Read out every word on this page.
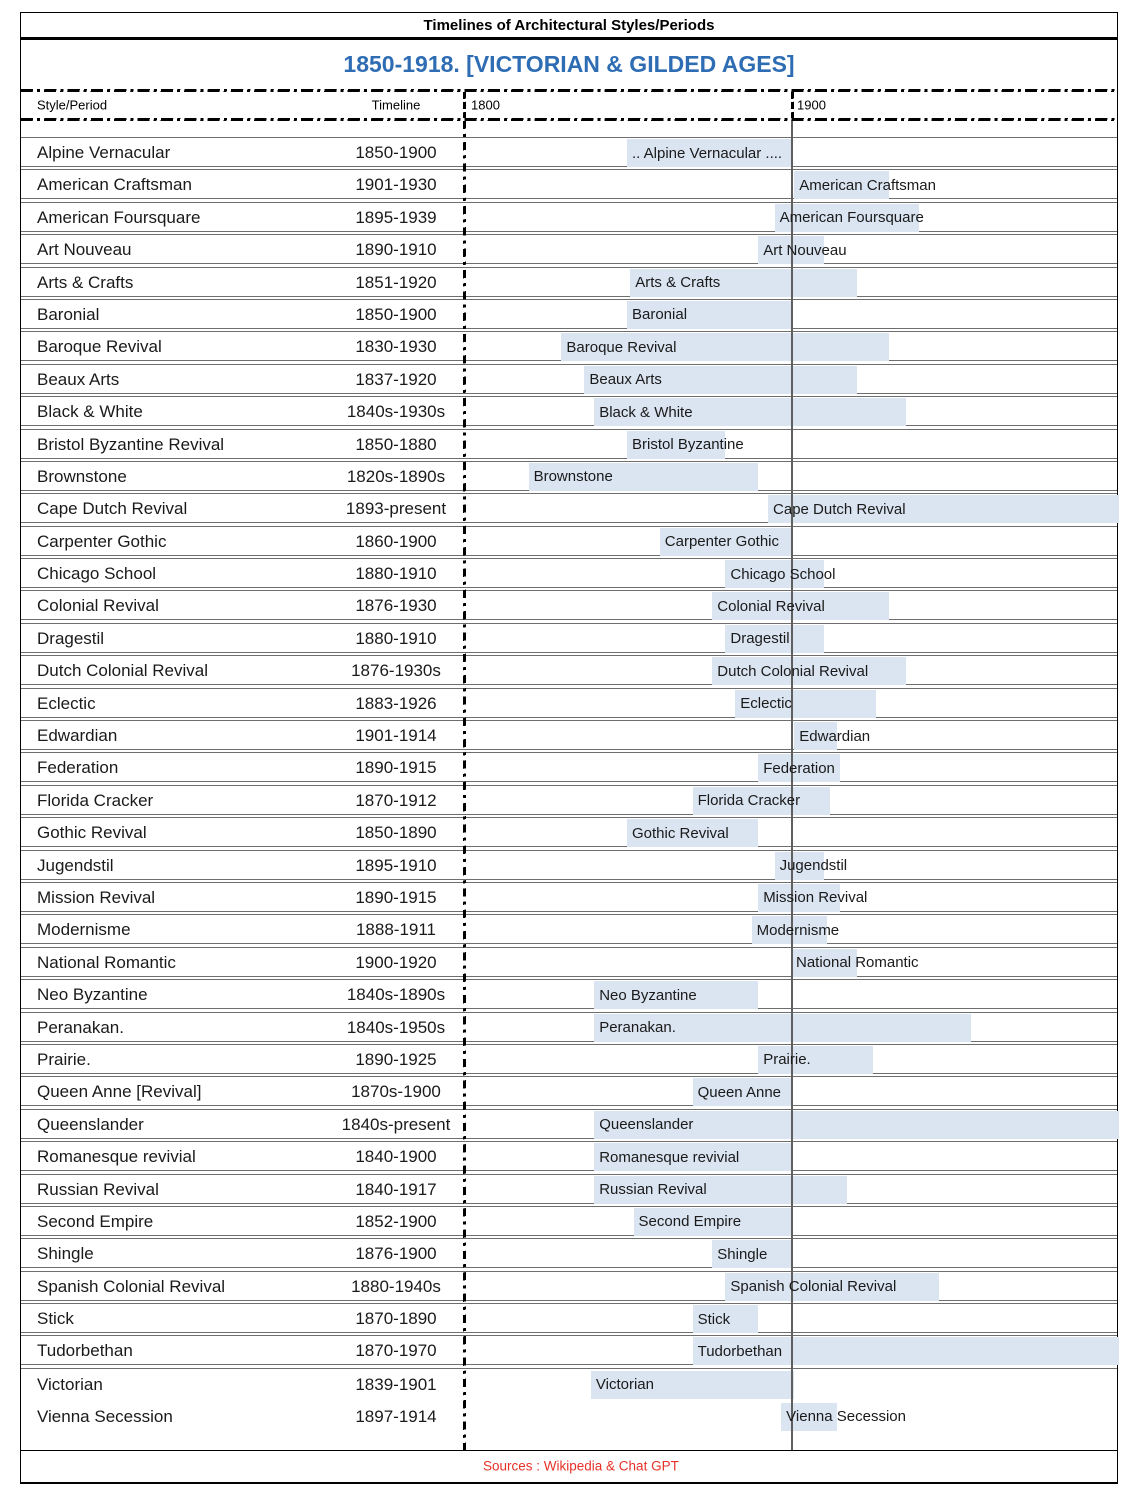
Timelines of Architectural Styles/Periods
1850-1918. [VICTORIAN & GILDED AGES]
Style/Period	Timeline	1800	1900
Alpine Vernacular	1850-1900	.. Alpine Vernacular ....
American Craftsman	1901-1930	American Craftsman
American Foursquare	1895-1939	American Foursquare
Art Nouveau	1890-1910	Art Nouveau
Arts & Crafts	1851-1920	Arts & Crafts
Baronial	1850-1900	Baronial
Baroque Revival	1830-1930	Baroque Revival
Beaux Arts	1837-1920	Beaux Arts
Black & White	1840s-1930s	Black & White
Bristol Byzantine Revival	1850-1880	Bristol Byzantine
Brownstone	1820s-1890s	Brownstone
Cape Dutch Revival	1893-present	Cape Dutch Revival
Carpenter Gothic	1860-1900	Carpenter Gothic
Chicago School	1880-1910	Chicago School
Colonial Revival	1876-1930	Colonial Revival
Dragestil	1880-1910	Dragestil
Dutch Colonial Revival	1876-1930s	Dutch Colonial Revival
Eclectic	1883-1926	Eclectic
Edwardian	1901-1914	Edwardian
Federation	1890-1915	Federation
Florida Cracker	1870-1912	Florida Cracker
Gothic Revival	1850-1890	Gothic Revival
Jugendstil	1895-1910	Jugendstil
Mission Revival	1890-1915	Mission Revival
Modernisme	1888-1911	Modernisme
National Romantic	1900-1920	National Romantic
Neo Byzantine	1840s-1890s	Neo Byzantine
Peranakan.	1840s-1950s	Peranakan.
Prairie.	1890-1925	Prairie.
Queen Anne [Revival]	1870s-1900	Queen Anne
Queenslander	1840s-present	Queenslander
Romanesque revivial	1840-1900	Romanesque revivial
Russian Revival	1840-1917	Russian Revival
Second Empire	1852-1900	Second Empire
Shingle	1876-1900	Shingle
Spanish Colonial Revival	1880-1940s	Spanish Colonial Revival
Stick	1870-1890	Stick
Tudorbethan	1870-1970	Tudorbethan
Victorian	1839-1901	Victorian
Vienna Secession	1897-1914	Vienna Secession
Sources : Wikipedia & Chat GPT
